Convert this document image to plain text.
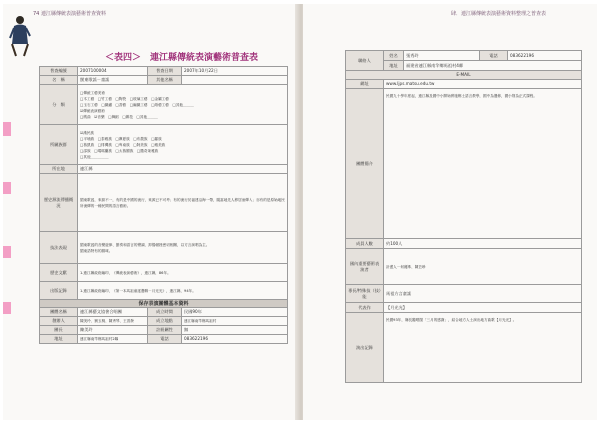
74 連江縣傳統表演藝術普查資料
＜表四＞　連江縣傳統表演藝術普查表
普查編號	2007100004	普查日期	2007年10月22日
名　稱	閩東歌謠－童謠	其他名稱	
分　類	□傳統工藝美術
□木工藝　□竹工藝　□陶瓷　□玻璃工藝　□金屬工藝
□玉石工藝　□織繡　□香藝　□編織工藝　□紙藝工藝　□其他＿＿＿
☑傳統表演藝術
□戲曲　☑音樂　□舞蹈　□雜技　□其他＿＿＿		

所屬族群	☑漢民族
□平埔族　□泰雅族　□賽夏族　□布農族　□鄒族
□魯凱族　□排灣族　□卑南族　□阿美族　□雅美族
□邵族　□噶瑪蘭族　□太魯閣族　□撒奇萊雅族
□其他＿＿＿＿＿		

所在地	連江縣		
歷史源流傳播概況	閩東歌謠，來源不一，有的是中國的流行，來源已不可考；有的流行於福建沿海一帶，隨當地先人移居而傳入；亦有的是原始地民所流傳的一種民間的語言藝術。		
技法表現	閩東歌謠的音樂旋律、節奏和語言的聲調、抑揚頓挫密切相關，以方言演唱為主。
閩東語特有的韻味。		

歷史文獻	1.連江縣政府編印，《傳統表演藝術》，連江縣，86年。		
出版記錄	1.連江縣政府編印，《第一本馬祖童謠選輯－月光光》，連江縣，94年。		
保存表演團體基本資料			
團體名稱	連江縣藝文協會合唱團	成立時間	民國90年
創辦人	陳美玲、劉玉桐、陳秀琴、王善發	成立地點	連江縣南竿鄉馬祖村
團長	陳美玲	註冊屬性	無
地址	連江縣南竿鄉馬祖村2鄰	電話	083622196
肆．連江縣傳統表演藝術資料整理之普查表
聯絡人	姓名	張秀玲	電話	083622196
	地址	福建省連江縣南竿鄉馬祖村4鄰		
E-MAIL				
網址	www.ljps.matsu.edu.tw			
團體簡介	民國九十學年度起，連江縣及國中小開始實施鄉土語言教學，國中為選修，國小則為正式課程。			
成員人數	約100人			
國內重要藝術表演者	計畫人－何麗珠、陳芸珍			
專長/特殊技（技）能	馬祖方言童謠			
代表作	【月光光】			
演出記錄	民國93年，縣長聽唱閩「三月的感謝」，結合地方人士演出地方曲歌【月光光】。			
